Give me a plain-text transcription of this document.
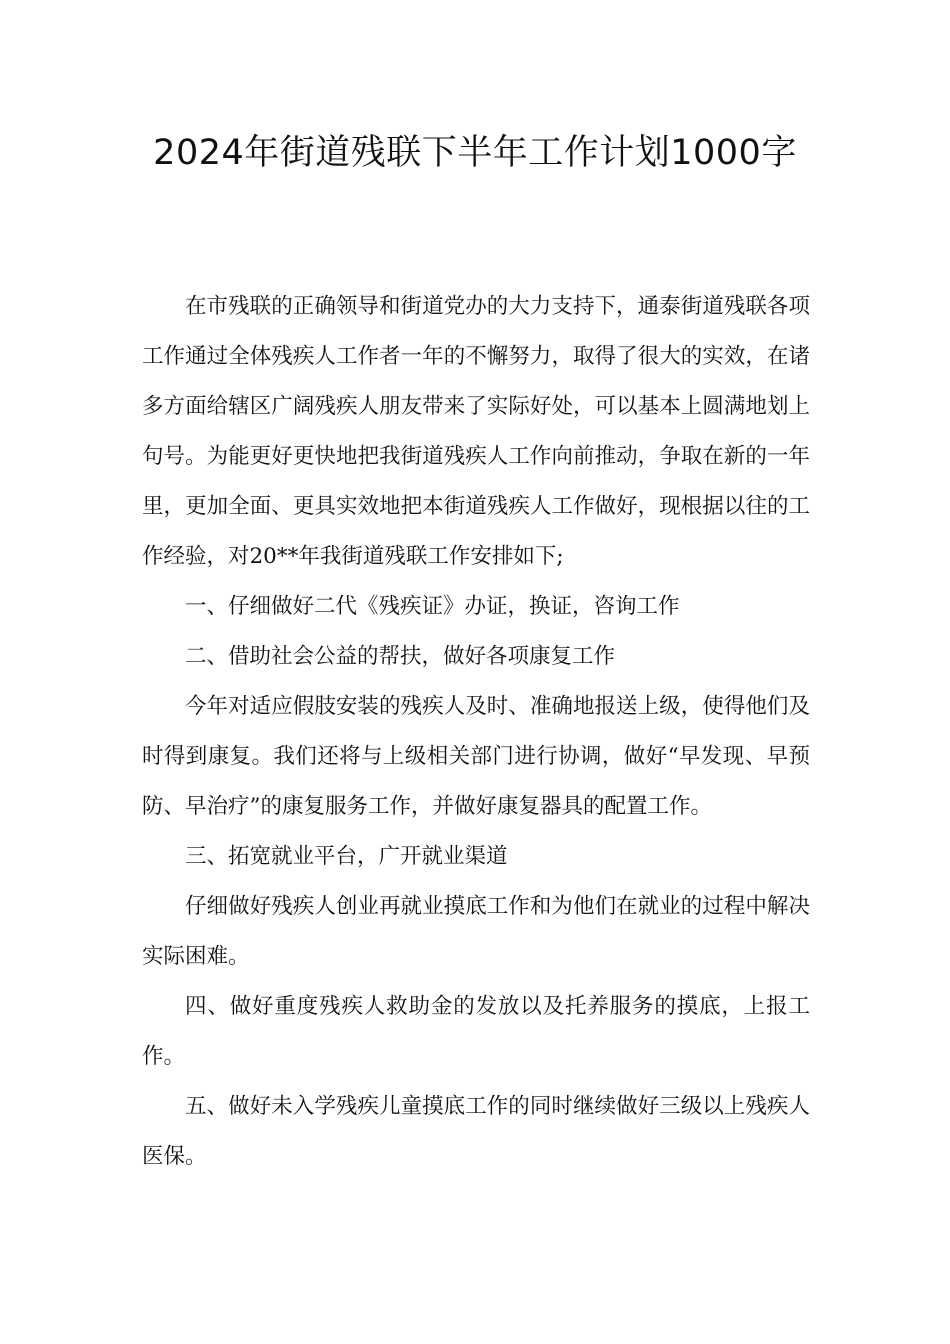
2024年街道残联下半年工作计划1000字

在市残联的正确领导和街道党办的大力支持下，通泰街道残联各项工作通过全体残疾人工作者一年的不懈努力，取得了很大的实效，在诸多方面给辖区广阔残疾人朋友带来了实际好处，可以基本上圆满地划上句号。为能更好更快地把我街道残疾人工作向前推动，争取在新的一年里，更加全面、更具实效地把本街道残疾人工作做好，现根据以往的工作经验，对20**年我街道残联工作安排如下;

一、仔细做好二代《残疾证》办证，换证，咨询工作

二、借助社会公益的帮扶，做好各项康复工作

今年对适应假肢安装的残疾人及时、准确地报送上级，使得他们及时得到康复。我们还将与上级相关部门进行协调，做好“早发现、早预防、早治疗”的康复服务工作，并做好康复器具的配置工作。

三、拓宽就业平台，广开就业渠道

仔细做好残疾人创业再就业摸底工作和为他们在就业的过程中解决实际困难。

四、做好重度残疾人救助金的发放以及托养服务的摸底，上报工作。

五、做好未入学残疾儿童摸底工作的同时继续做好三级以上残疾人医保。
